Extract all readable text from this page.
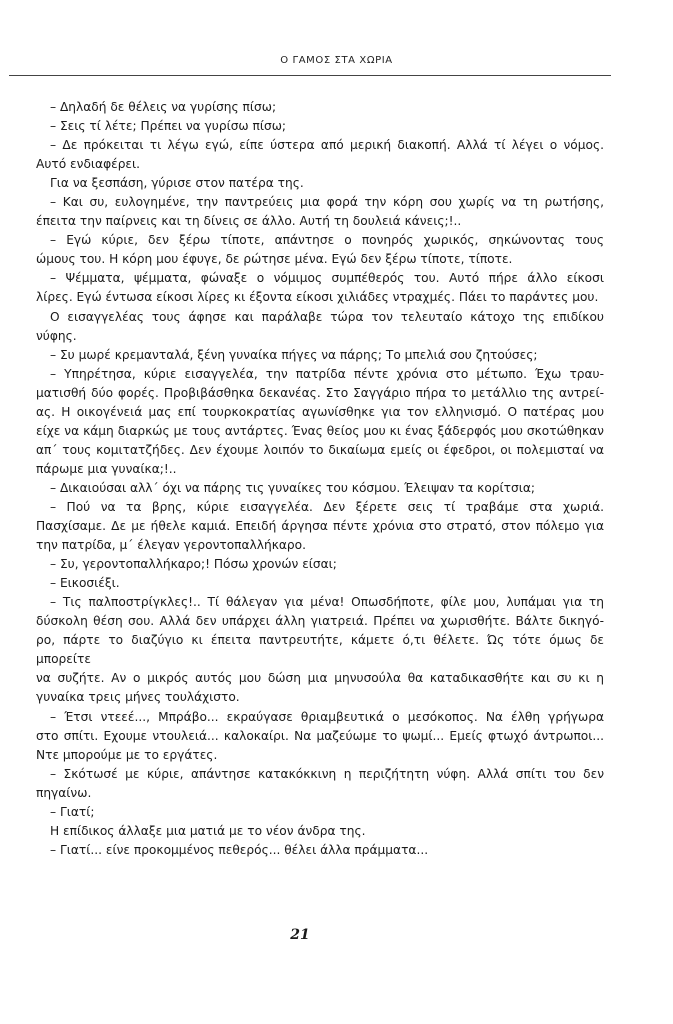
Ο ΓΑΜΟΣ ΣΤΑ ΧΩΡΙΑ

– Δηλαδή δε θέλεις να γυρίσης πίσω;

– Σεις τί λέτε; Πρέπει να γυρίσω πίσω;

– Δε πρόκειται τι λέγω εγώ, είπε ύστερα από μερική διακοπή. Αλλά τί λέγει ο νόμος.

Αυτό ενδιαφέρει.

Για να ξεσπάση, γύρισε στον πατέρα της.

– Και συ, ευλογημένε, την παντρεύεις μια φορά την κόρη σου χωρίς να τη ρωτήσης,

έπειτα την παίρνεις και τη δίνεις σε άλλο. Αυτή τη δουλειά κάνεις;!..

– Εγώ κύριε, δεν ξέρω τίποτε, απάντησε ο πονηρός χωρικός, σηκώνοντας τους

ώμους του. Η κόρη μου έφυγε, δε ρώτησε μένα. Εγώ δεν ξέρω τίποτε, τίποτε.

– Ψέμματα, ψέμματα, φώναξε ο νόμιμος συμπέθερός του. Αυτό πήρε άλλο είκοσι

λίρες. Εγώ έντωσα είκοσι λίρες κι έξοντα είκοσι χιλιάδες ντραχμές. Πάει το παράντες μου.

Ο εισαγγελέας τους άφησε και παράλαβε τώρα τον τελευταίο κάτοχο της επιδίκου

νύφης.

– Συ μωρέ κρεμανταλά, ξένη γυναίκα πήγες να πάρης; Το μπελιά σου ζητούσες;

– Υπηρέτησα, κύριε εισαγγελέα, την πατρίδα πέντε χρόνια στο μέτωπο. Έχω τραυ-

ματισθή δύο φορές. Προβιβάσθηκα δεκανέας. Στο Σαγγάριο πήρα το μετάλλιο της αντρεί-

ας. Η οικογένειά μας επί τουρκοκρατίας αγωνίσθηκε για τον ελληνισμό. Ο πατέρας μου

είχε να κάμη διαρκώς με τους αντάρτες. Ένας θείος μου κι ένας ξάδερφός μου σκοτώθηκαν

απ΄ τους κομιτατζήδες. Δεν έχουμε λοιπόν το δικαίωμα εμείς οι έφεδροι, οι πολεμισταί να

πάρωμε μια γυναίκα;!..

– Δικαιούσαι αλλ΄ όχι να πάρης τις γυναίκες του κόσμου. Έλειψαν τα κορίτσια;

– Πού να τα βρης, κύριε εισαγγελέα. Δεν ξέρετε σεις τί τραβάμε στα χωριά.

Πασχίσαμε. Δε με ήθελε καμιά. Επειδή άργησα πέντε χρόνια στο στρατό, στον πόλεμο για

την πατρίδα, μ΄ έλεγαν γεροντοπαλλήκαρο.

– Συ, γεροντοπαλλήκαρο;! Πόσω χρονών είσαι;

– Εικοσιέξι.

– Τις παλποστρίγκλες!.. Τί θάλεγαν για μένα! Οπωσδήποτε, φίλε μου, λυπάμαι για τη

δύσκολη θέση σου. Αλλά δεν υπάρχει άλλη γιατρειά. Πρέπει να χωρισθήτε. Βάλτε δικηγό-

ρο, πάρτε το διαζύγιο κι έπειτα παντρευτήτε, κάμετε ό,τι θέλετε. Ώς τότε όμως δε μπορείτε

να συζήτε. Αν ο μικρός αυτός μου δώση μια μηνυσούλα θα καταδικασθήτε και συ κι η

γυναίκα τρεις μήνες τουλάχιστο.

– Έτσι ντεεέ..., Μπράβο... εκραύγασε θριαμβευτικά ο μεσόκοπος. Να έλθη γρήγωρα

στο σπίτι. Εχουμε ντουλειά... καλοκαίρι. Να μαζεύωμε το ψωμί... Εμείς φτωχό άντρωποι...

Ντε μπορούμε με το εργάτες.

– Σκότωσέ με κύριε, απάντησε κατακόκκινη η περιζήτητη νύφη. Αλλά σπίτι του δεν

πηγαίνω.

– Γιατί;

Η επίδικος άλλαξε μια ματιά με το νέον άνδρα της.

– Γιατί... είνε προκομμένος πεθερός... θέλει άλλα πράμματα...

21
